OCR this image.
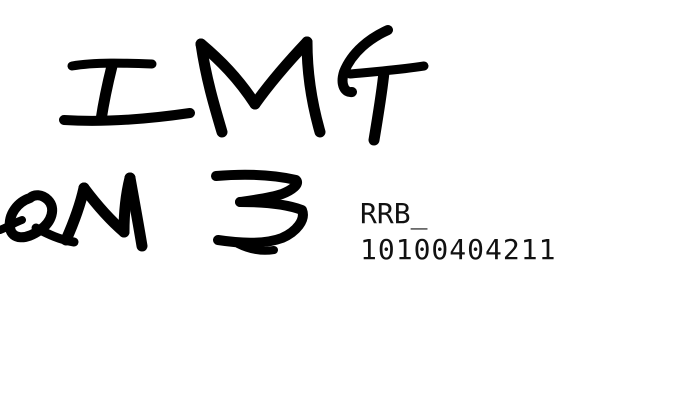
RRB_
10100404211
